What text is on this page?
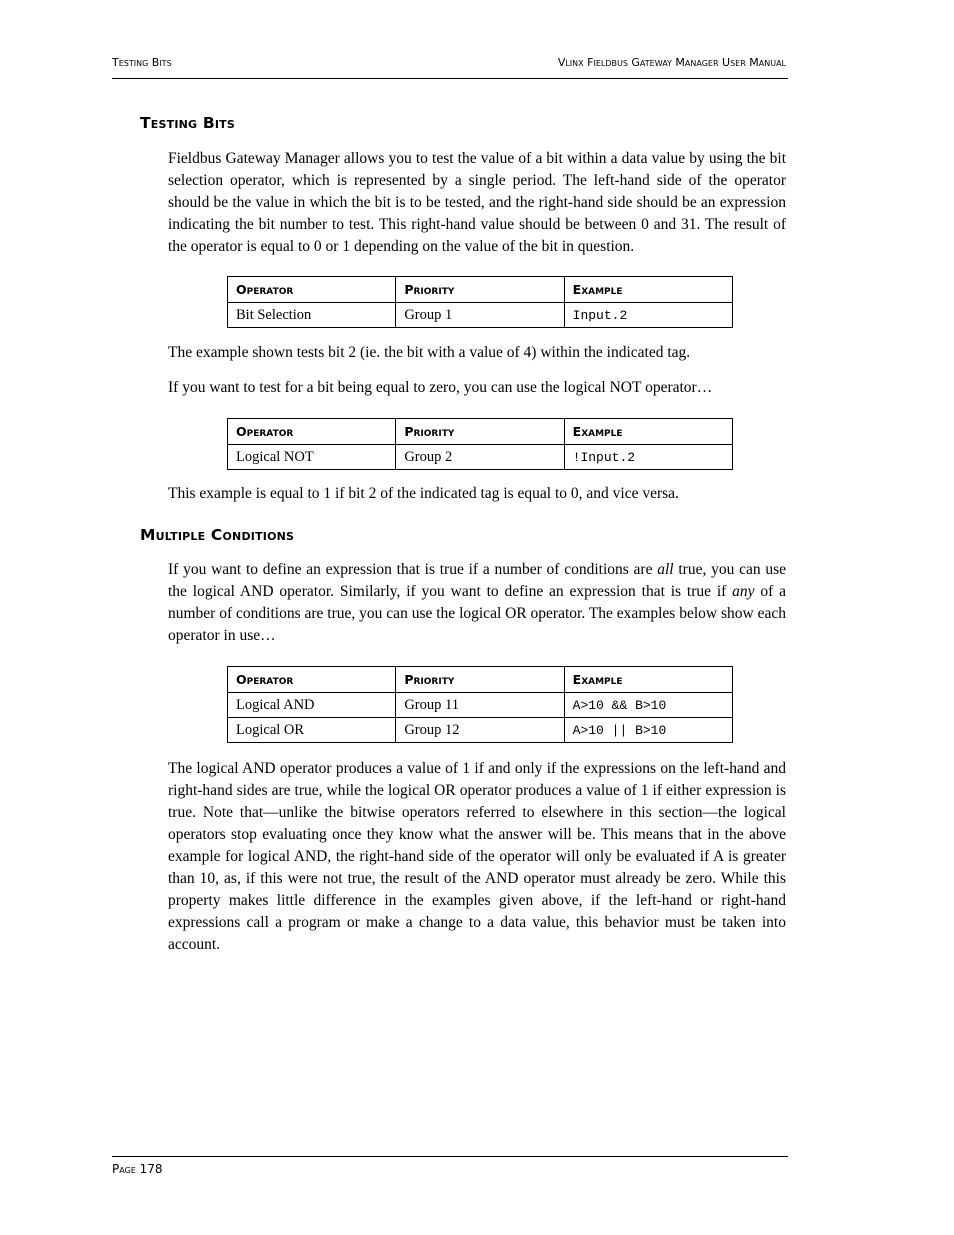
Testing Bits	Vlinx Fieldbus Gateway Manager User Manual
Testing Bits

Fieldbus Gateway Manager allows you to test the value of a bit within a data value by using the bit selection operator, which is represented by a single period. The left-hand side of the operator should be the value in which the bit is to be tested, and the right-hand side should be an expression indicating the bit number to test. This right-hand value should be between 0 and 31. The result of the operator is equal to 0 or 1 depending on the value of the bit in question.

Operator	Priority	Example
Bit Selection	Group 1	Input.2

The example shown tests bit 2 (ie. the bit with a value of 4) within the indicated tag.

If you want to test for a bit being equal to zero, you can use the logical NOT operator…

Operator	Priority	Example
Logical NOT	Group 2	!Input.2

This example is equal to 1 if bit 2 of the indicated tag is equal to 0, and vice versa.

Multiple Conditions

If you want to define an expression that is true if a number of conditions are all true, you can use the logical AND operator. Similarly, if you want to define an expression that is true if any of a number of conditions are true, you can use the logical OR operator. The examples below show each operator in use…

Operator	Priority	Example
Logical AND	Group 11	A>10 && B>10
Logical OR	Group 12	A>10 || B>10

The logical AND operator produces a value of 1 if and only if the expressions on the left-hand and right-hand sides are true, while the logical OR operator produces a value of 1 if either expression is true. Note that—unlike the bitwise operators referred to elsewhere in this section—the logical operators stop evaluating once they know what the answer will be. This means that in the above example for logical AND, the right-hand side of the operator will only be evaluated if A is greater than 10, as, if this were not true, the result of the AND operator must already be zero. While this property makes little difference in the examples given above, if the left-hand or right-hand expressions call a program or make a change to a data value, this behavior must be taken into account.

Page 178
